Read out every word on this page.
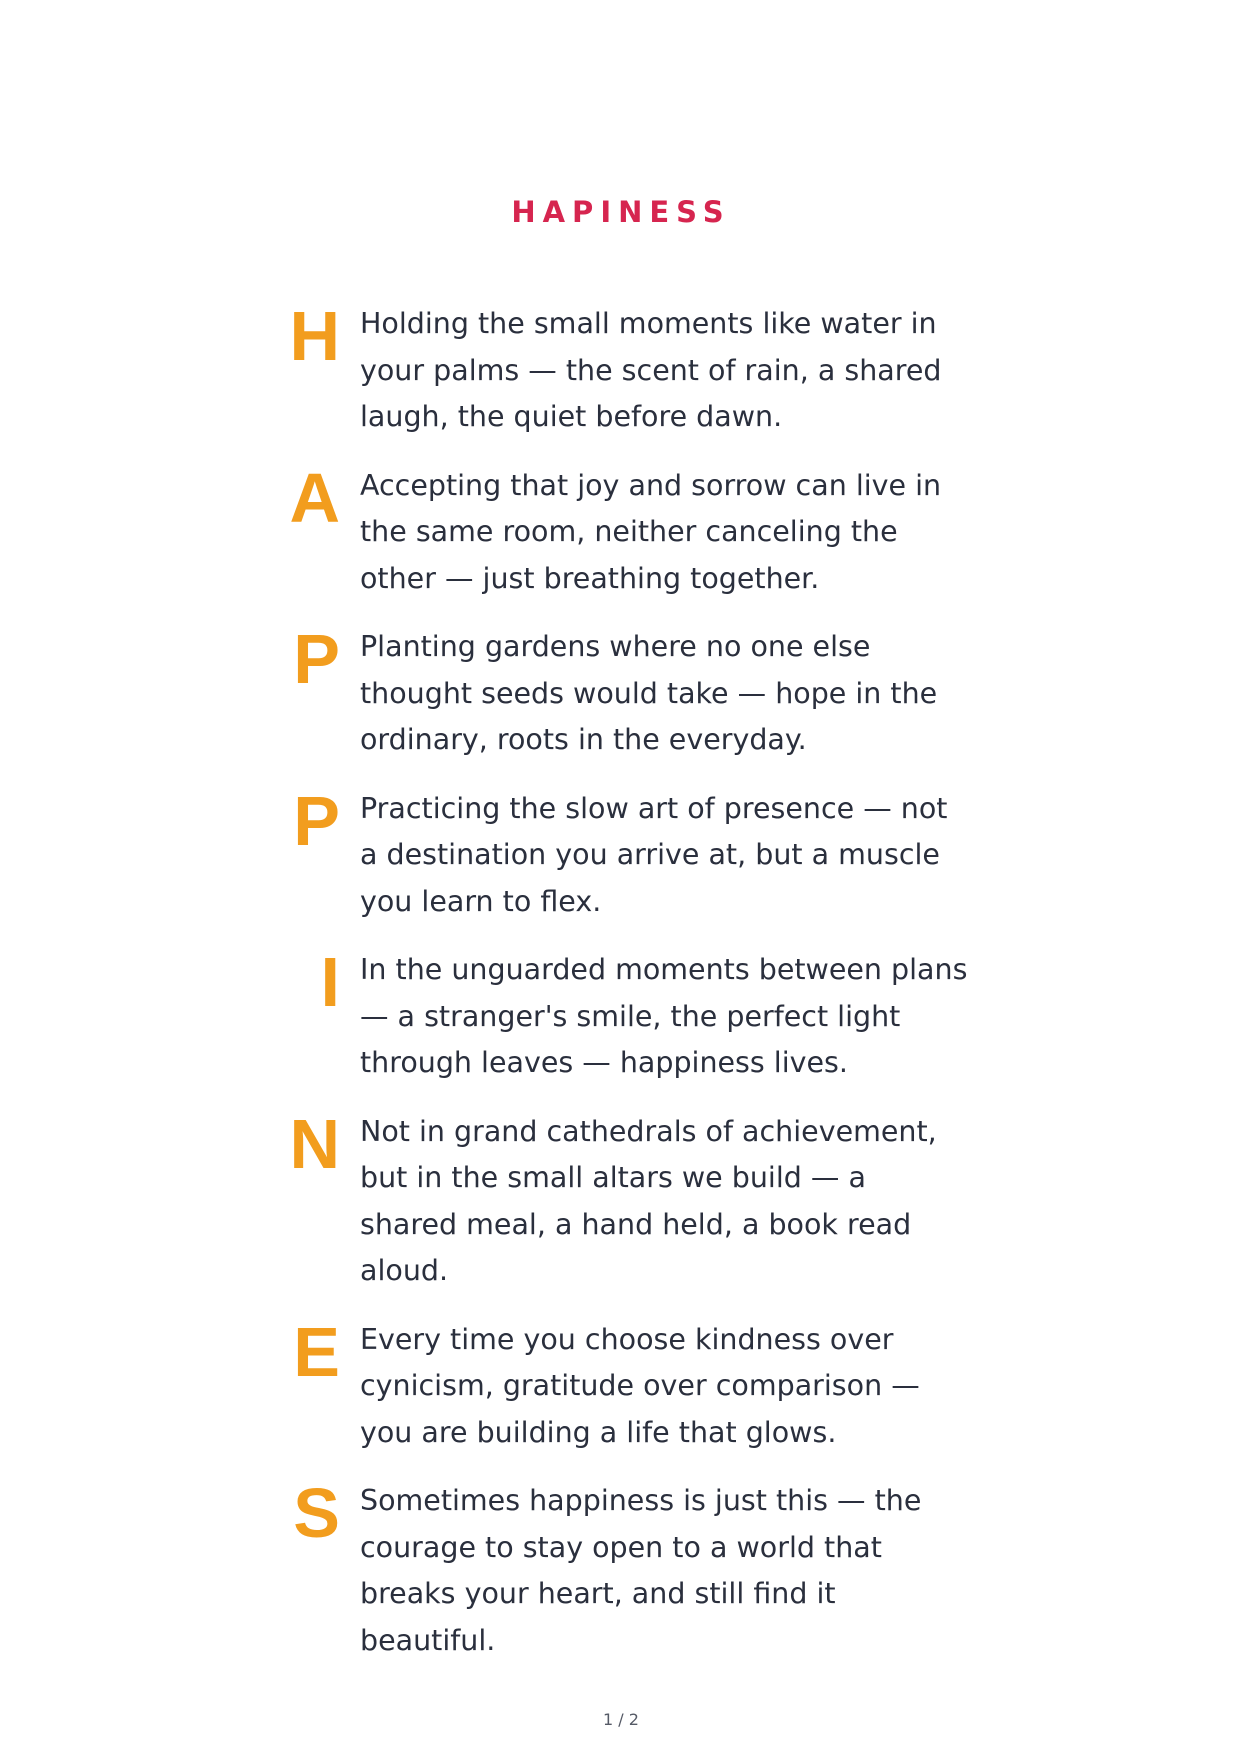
HAPINESS
H Holding the small moments like water in your palms — the scent of rain, a shared laugh, the quiet before dawn.
A Accepting that joy and sorrow can live in the same room, neither canceling the other — just breathing together.
P Planting gardens where no one else thought seeds would take — hope in the ordinary, roots in the everyday.
P Practicing the slow art of presence — not a destination you arrive at, but a muscle you learn to flex.
I In the unguarded moments between plans — a stranger's smile, the perfect light through leaves — happiness lives.
N Not in grand cathedrals of achievement, but in the small altars we build — a shared meal, a hand held, a book read aloud.
E Every time you choose kindness over cynicism, gratitude over comparison — you are building a life that glows.
S Sometimes happiness is just this — the courage to stay open to a world that breaks your heart, and still find it beautiful.
1 / 2
